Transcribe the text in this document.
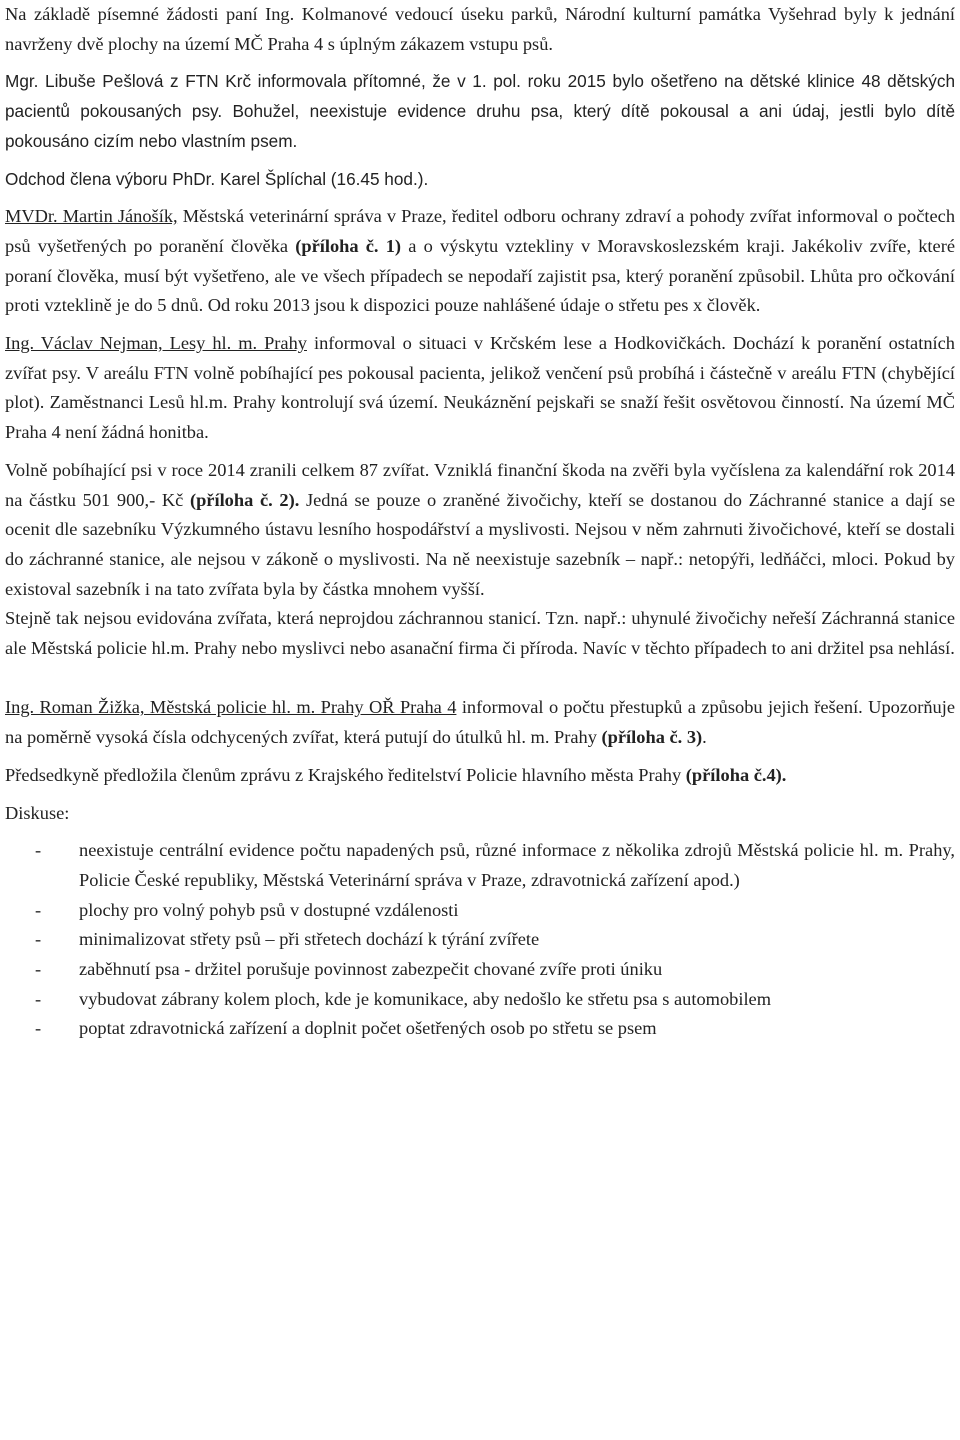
Na základě písemné žádosti paní Ing. Kolmanové vedoucí úseku parků, Národní kulturní památka Vyšehrad byly k jednání navrženy dvě plochy na území MČ Praha 4 s úplným zákazem vstupu psů.

Mgr. Libuše Pešlová z FTN Krč informovala přítomné, že v 1. pol. roku 2015 bylo ošetřeno na dětské klinice 48 dětských pacientů pokousaných psy. Bohužel, neexistuje evidence druhu psa, který dítě pokousal a ani údaj, jestli bylo dítě pokousáno cizím nebo vlastním psem.

Odchod člena výboru PhDr. Karel Šplíchal (16.45 hod.).

MVDr. Martin Jánošík, Městská veterinární správa v Praze, ředitel odboru ochrany zdraví a pohody zvířat informoval o počtech psů vyšetřených po poranění člověka (příloha č. 1) a o výskytu vztekliny v Moravskoslezském kraji. Jakékoliv zvíře, které poraní člověka, musí být vyšetřeno, ale ve všech případech se nepodaří zajistit psa, který poranění způsobil. Lhůta pro očkování proti vzteklině je do 5 dnů. Od roku 2013 jsou k dispozici pouze nahlášené údaje o střetu pes x člověk.

Ing. Václav Nejman, Lesy hl. m. Prahy informoval o situaci v Krčském lese a Hodkovičkách. Dochází k poranění ostatních zvířat psy. V areálu FTN volně pobíhající pes pokousal pacienta, jelikož venčení psů probíhá i částečně v areálu FTN (chybějící plot). Zaměstnanci Lesů hl.m. Prahy kontrolují svá území. Neukáznění pejskaři se snaží řešit osvětovou činností. Na území MČ Praha 4 není žádná honitba.

Volně pobíhající psi v roce 2014 zranili celkem 87 zvířat. Vzniklá finanční škoda na zvěři byla vyčíslena za kalendářní rok 2014 na částku 501 900,- Kč (příloha č. 2). Jedná se pouze o zraněné živočichy, kteří se dostanou do Záchranné stanice a dají se ocenit dle sazebníku Výzkumného ústavu lesního hospodářství a myslivosti. Nejsou v něm zahrnuti živočichové, kteří se dostali do záchranné stanice, ale nejsou v zákoně o myslivosti. Na ně neexistuje sazebník – např.: netopýři, ledňáčci, mloci. Pokud by existoval sazebník i na tato zvířata byla by částka mnohem vyšší.

Stejně tak nejsou evidována zvířata, která neprojdou záchrannou stanicí. Tzn. např.: uhynulé živočichy neřeší Záchranná stanice ale Městská policie hl.m. Prahy nebo myslivci nebo asanační firma či příroda. Navíc v těchto případech to ani držitel psa nehlásí.

Ing. Roman Žižka, Městská policie hl. m. Prahy OŘ Praha 4 informoval o počtu přestupků a způsobu jejich řešení. Upozorňuje na poměrně vysoká čísla odchycených zvířat, která putují do útulků hl. m. Prahy (příloha č. 3).

Předsedkyně předložila členům zprávu z Krajského ředitelství Policie hlavního města Prahy (příloha č.4).

Diskuse:

- neexistuje centrální evidence počtu napadených psů, různé informace z několika zdrojů Městská policie hl. m. Prahy, Policie České republiky, Městská Veterinární správa v Praze, zdravotnická zařízení apod.)
- plochy pro volný pohyb psů v dostupné vzdálenosti
- minimalizovat střety psů – při střetech dochází k týrání zvířete
- zaběhnutí psa - držitel porušuje povinnost zabezpečit chované zvíře proti úniku
- vybudovat zábrany kolem ploch, kde je komunikace, aby nedošlo ke střetu psa s automobilem
- poptat zdravotnická zařízení a doplnit počet ošetřených osob po střetu se psem
